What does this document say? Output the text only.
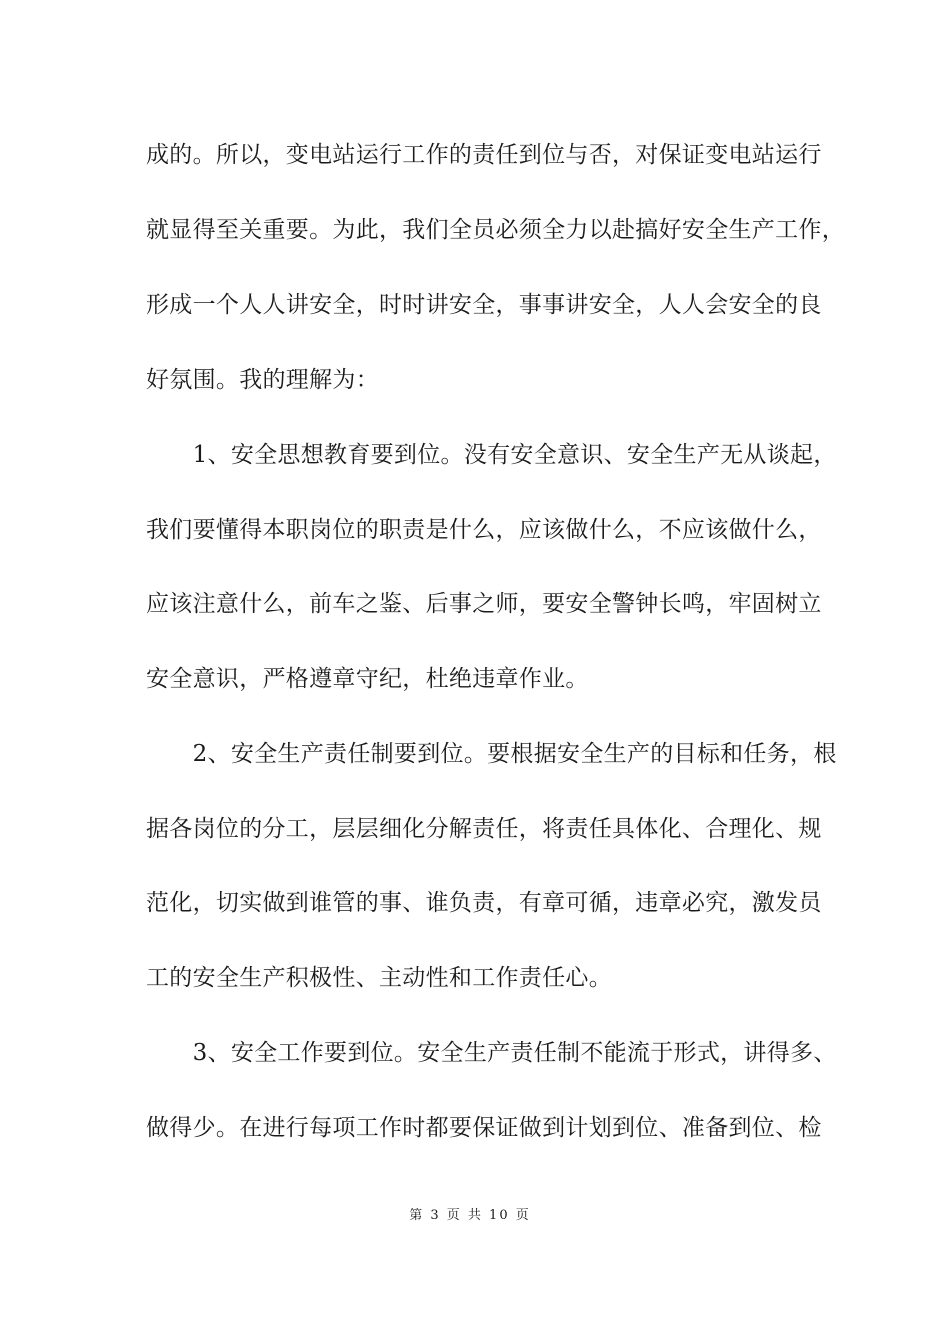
成的。所以，变电站运行工作的责任到位与否，对保证变电站运行
就显得至关重要。为此，我们全员必须全力以赴搞好安全生产工作，
形成一个人人讲安全，时时讲安全，事事讲安全，人人会安全的良
好氛围。我的理解为：
　　1、安全思想教育要到位。没有安全意识、安全生产无从谈起，
我们要懂得本职岗位的职责是什么，应该做什么，不应该做什么，
应该注意什么，前车之鉴、后事之师，要安全警钟长鸣，牢固树立
安全意识，严格遵章守纪，杜绝违章作业。
　　2、安全生产责任制要到位。要根据安全生产的目标和任务，根
据各岗位的分工，层层细化分解责任，将责任具体化、合理化、规
范化，切实做到谁管的事、谁负责，有章可循，违章必究，激发员
工的安全生产积极性、主动性和工作责任心。
　　3、安全工作要到位。安全生产责任制不能流于形式，讲得多、
做得少。在进行每项工作时都要保证做到计划到位、准备到位、检
第 3 页 共 10 页
